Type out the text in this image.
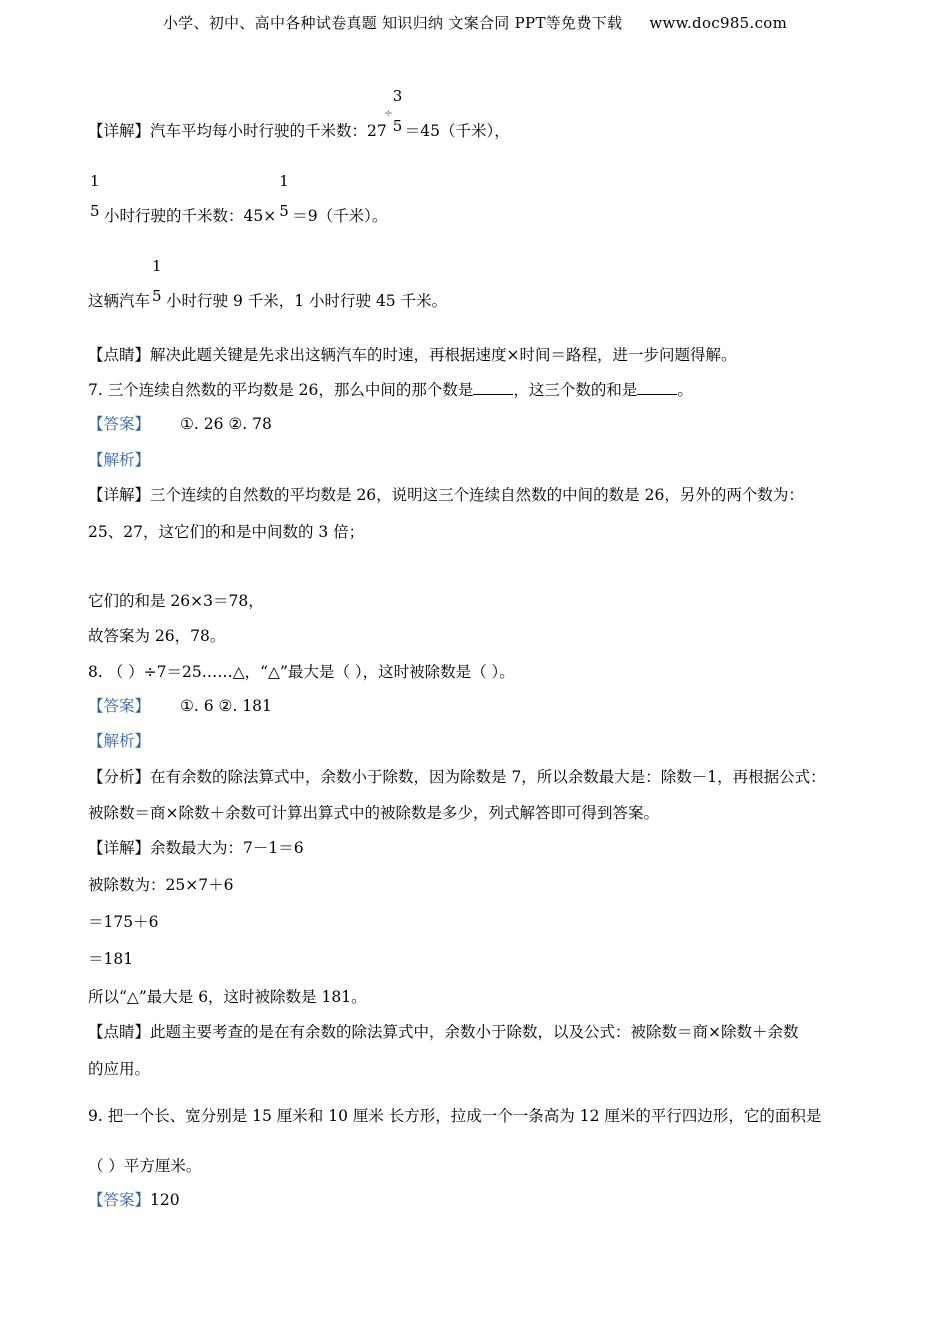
小学、初中、高中各种试卷真题 知识归纳 文案合同 PPT等免费下载 www.doc985.com
【详解】汽车平均每小时行驶的千米数：27
÷
3
5 ＝45（千米），
1
5 小时行驶的千米数：45×
1
5 ＝9（千米）。
这辆汽车
1
5 小时行驶 9 千米，1 小时行驶 45 千米。
【点睛】解决此题关键是先求出这辆汽车的时速，再根据速度×时间＝路程，进一步问题得解。
7. 三个连续自然数的平均数是 26，那么中间的那个数是	，这三个数的和是	。
【答案】 ①. 26 ②. 78
【解析】
【详解】三个连续的自然数的平均数是 26，说明这三个连续自然数的中间的数是 26，另外的两个数为：
25、27，这它们的和是中间数的 3 倍；
它们的和是 26×3＝78，
故答案为 26，78。
8. （ ）÷7＝25……△，“△”最大是（ ），这时被除数是（ ）。
【答案】 ①. 6 ②. 181
【解析】
【分析】在有余数的除法算式中，余数小于除数，因为除数是 7，所以余数最大是：除数－1，再根据公式：
被除数＝商×除数＋余数可计算出算式中的被除数是多少，列式解答即可得到答案。
【详解】余数最大为：7－1＝6
被除数为：25×7＋6
＝175＋6
＝181
所以“△”最大是 6，这时被除数是 181。
【点睛】此题主要考查的是在有余数的除法算式中，余数小于除数，以及公式：被除数＝商×除数＋余数
的应用。
9. 把一个长、宽分别是 15 厘米和 10 厘米 长方形，拉成一个一条高为 12 厘米的平行四边形，它的面积是
（ ）平方厘米。
【答案】120
